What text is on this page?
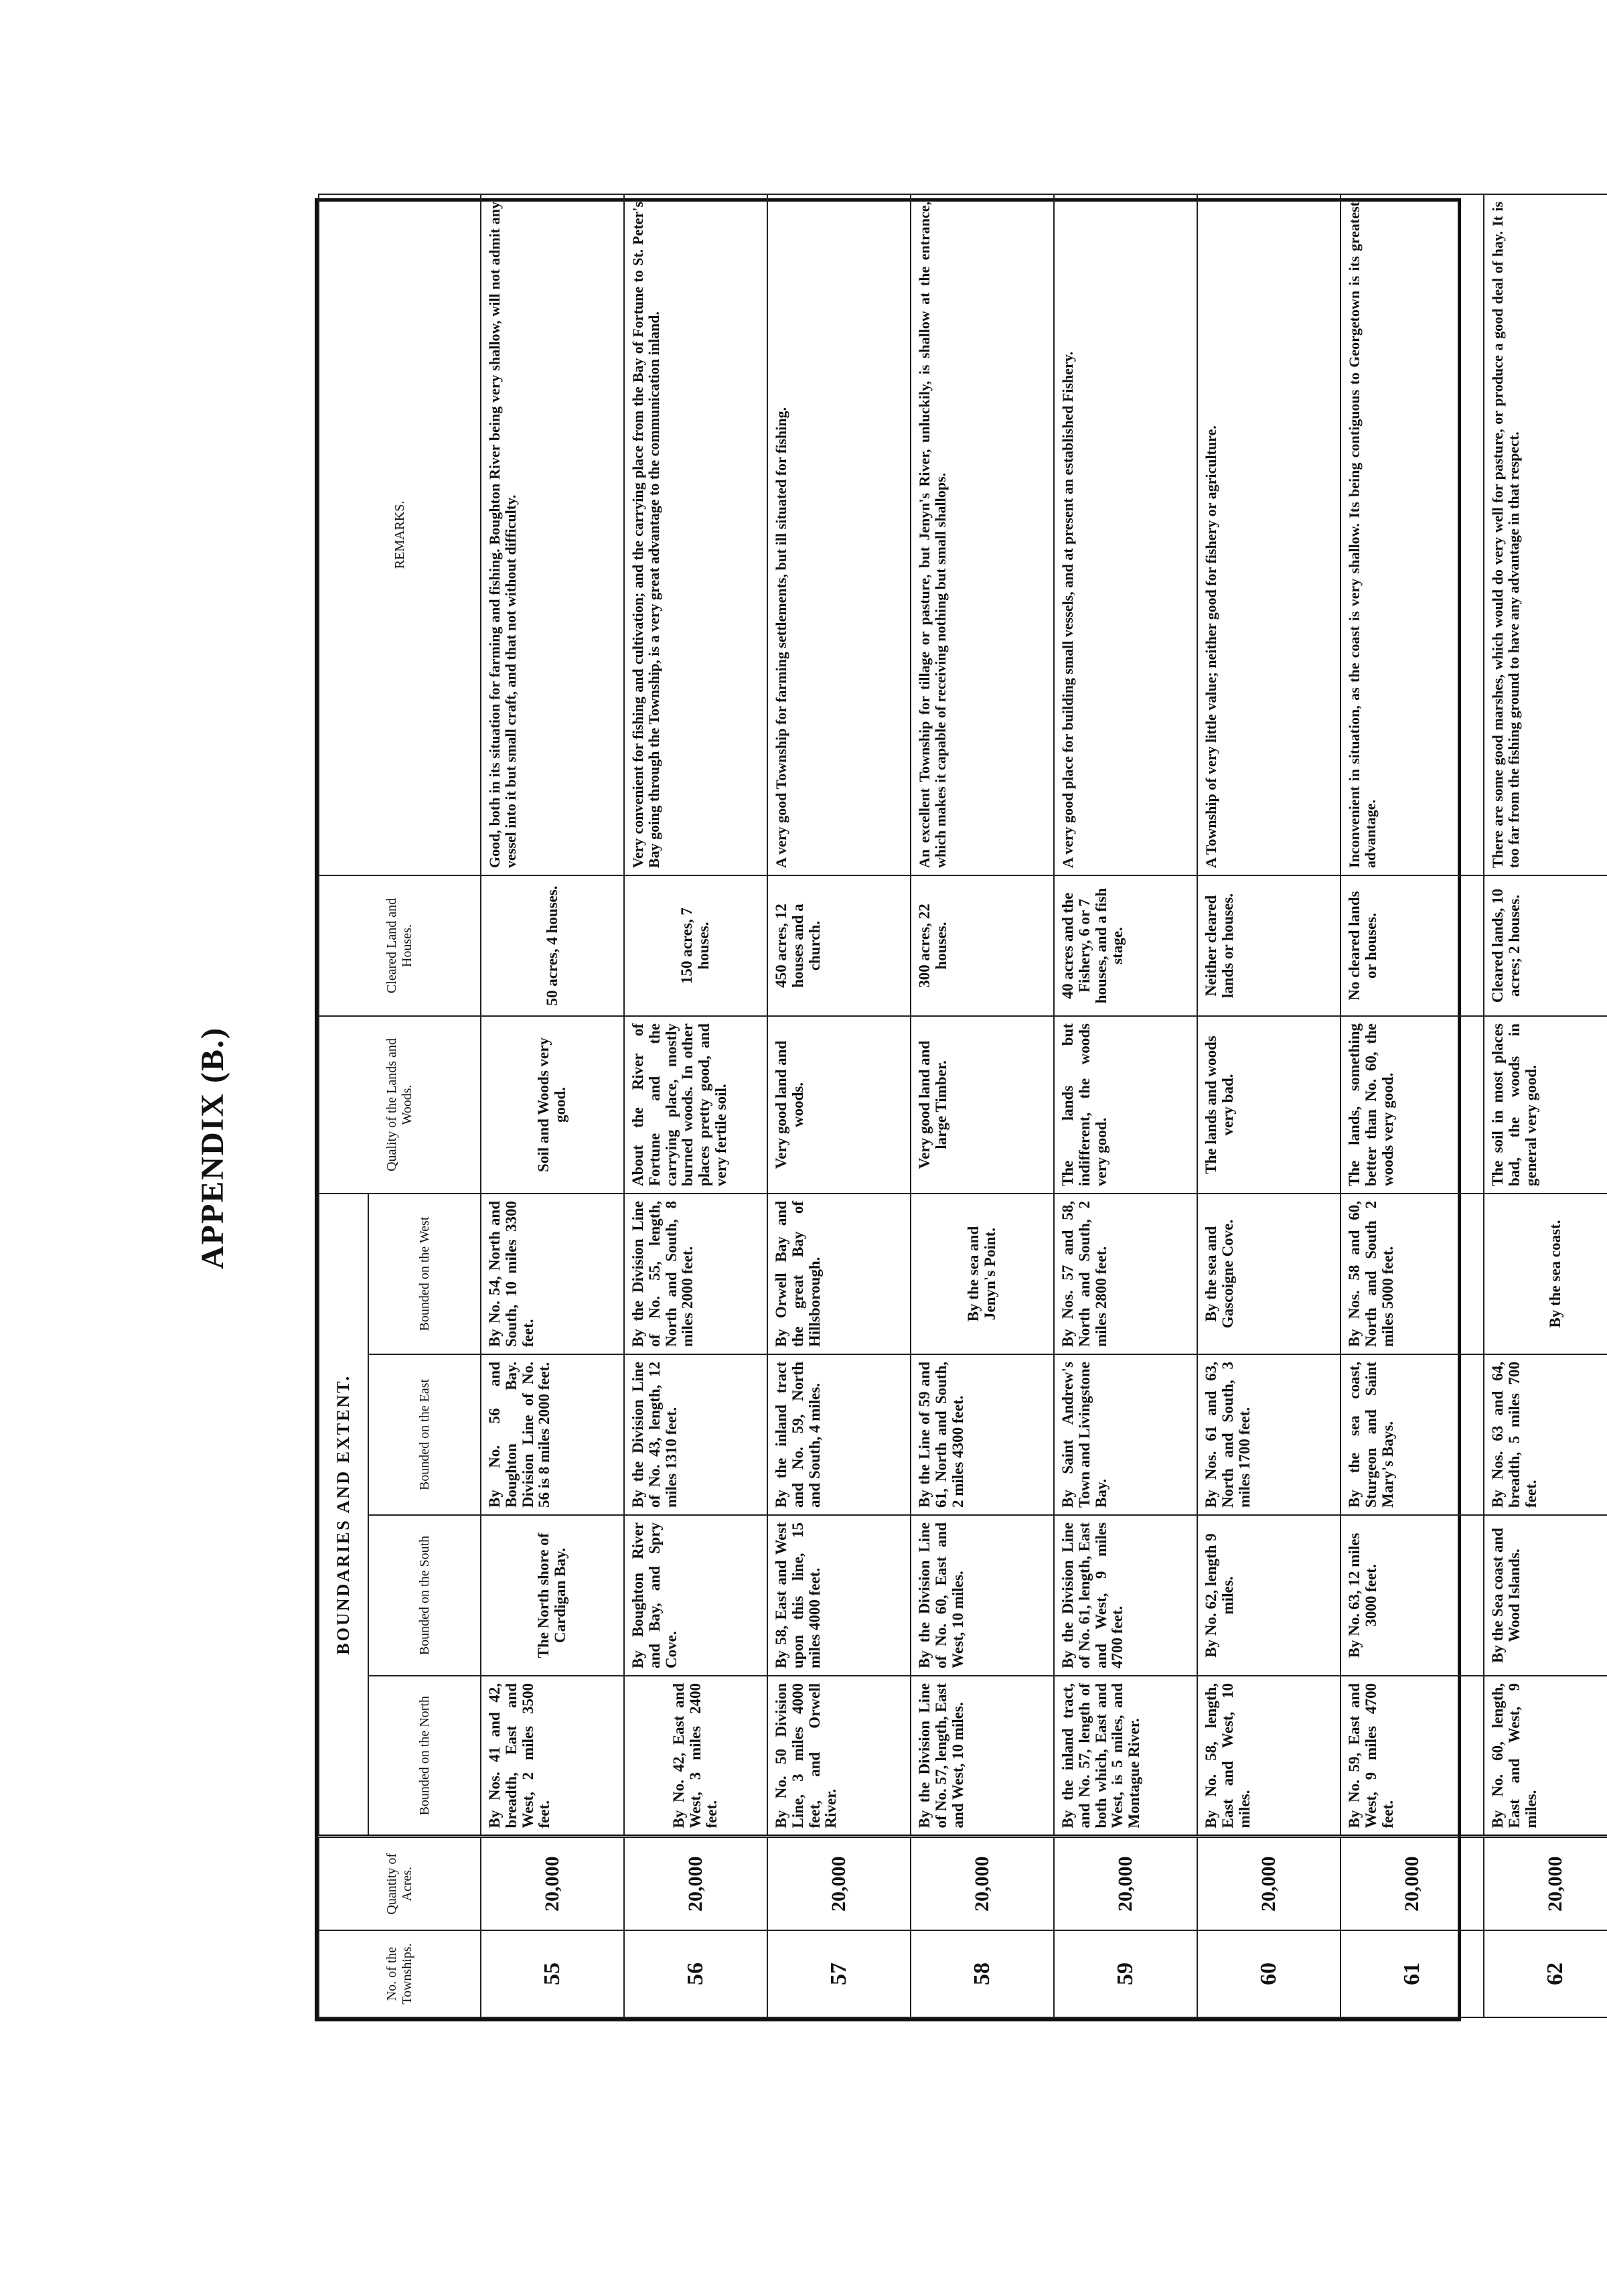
APPENDIX (B.)
No. of the Townships.	Quantity of Acres.	BOUNDARIES AND EXTENT.				Quality of the Lands and Woods.	Cleared Land and Houses.	REMARKS.
		Bounded on the North	Bounded on the South	Bounded on the East	Bounded on the West			
55	20,000	By Nos. 41 and 42, breadth, East and West, 2 miles 3500 feet.	The North shore of Cardigan Bay.	By No. 56 and Boughton Bay. Division Line of No. 56 is 8 miles 2000 feet.	By No. 54, North and South, 10 miles 3300 feet.	Soil and Woods very good.	50 acres, 4 houses.	Good, both in its situation for farming and fishing. Boughton River being very shallow, will not admit any vessel into it but small craft, and that not without difficulty.
56	20,000	By No. 42, East and West, 3 miles 2400 feet.	By Boughton River and Bay, and Spry Cove.	By the Division Line of No. 43, length, 12 miles 1310 feet.	By the Division Line of No. 55, length, North and South, 8 miles 2000 feet.	About the River of Fortune and the carrying place, mostly burned woods. In other places pretty good, and very fertile soil.	150 acres, 7 houses.	Very convenient for fishing and cultivation; and the carrying place from the Bay of Fortune to St. Peter's Bay going through the Township, is a very great advantage to the communication inland.
57	20,000	By No. 50 Division Line, 3 miles 4000 feet, and Orwell River.	By 58, East and West upon this line, 15 miles 4000 feet.	By the inland tract and No. 59, North and South, 4 miles.	By Orwell Bay and the great Bay of Hillsborough.	Very good land and woods.	450 acres, 12 houses and a church.	A very good Township for farming settlements, but ill situated for fishing.
58	20,000	By the Division Line of No. 57, length, East and West, 10 miles.	By the Division Line of No. 60, East and West, 10 miles.	By the Line of 59 and 61, North and South, 2 miles 4300 feet.	By the sea and Jenyn's Point.	Very good land and large Timber.	300 acres, 22 houses.	An excellent Township for tillage or pasture, but Jenyn's River, unluckily, is shallow at the entrance, which makes it capable of receiving nothing but small shallops.
59	20,000	By the inland tract, and No. 57, length of both which, East and West, is 5 miles, and Montague River.	By the Division Line of No. 61, length, East and West, 9 miles 4700 feet.	By Saint Andrew's Town and Livingstone Bay.	By Nos. 57 and 58, North and South, 2 miles 2800 feet.	The lands but indifferent, the woods very good.	40 acres and the Fishery, 6 or 7 houses, and a fish stage.	A very good place for building small vessels, and at present an established Fishery.
60	20,000	By No. 58, length, East and West, 10 miles.	By No. 62, length 9 miles.	By Nos. 61 and 63, North and South, 3 miles 1700 feet.	By the sea and Gascoigne Cove.	The lands and woods very bad.	Neither cleared lands or houses.	A Township of very little value; neither good for fishery or agriculture.
61	20,000	By No. 59, East and West, 9 miles 4700 feet.	By No. 63, 12 miles 3000 feet.	By the sea coast, Sturgeon and Saint Mary's Bays.	By Nos. 58 and 60, North and South 2 miles 5000 feet.	The lands, something better than No. 60, the woods very good.	No cleared lands or houses.	Inconvenient in situation, as the coast is very shallow. Its being contiguous to Georgetown is its greatest advantage.
62	20,000	By No. 60, length, East and West, 9 miles.	By the Sea coast and Wood Islands.	By Nos. 63 and 64, breadth, 5 miles 700 feet.	By the sea coast.	The soil in most places bad, the woods in general very good.	Cleared lands, 10 acres; 2 houses.	There are some good marshes, which would do very well for pasture, or produce a good deal of hay. It is too far from the fishing ground to have any advantage in that respect.
